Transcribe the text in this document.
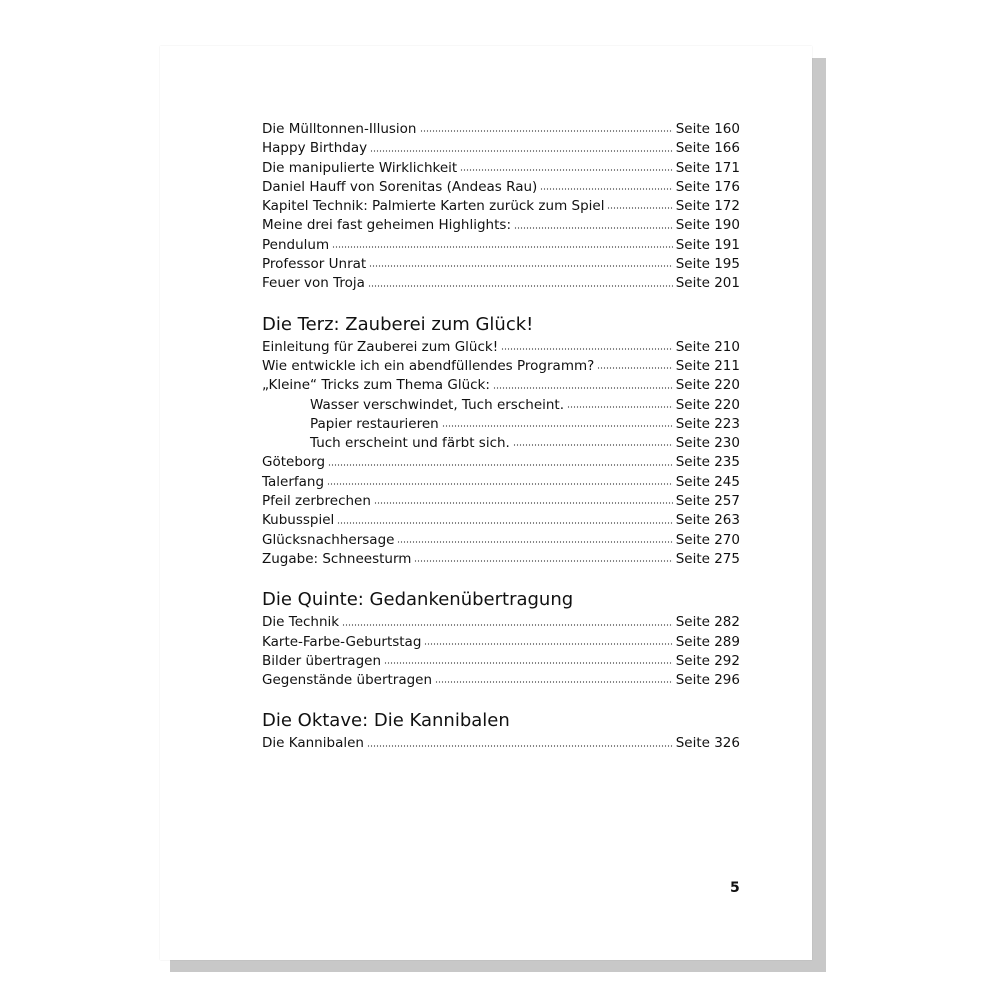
Die Mülltonnen-Illusion	Seite 160
Happy Birthday	Seite 166
Die manipulierte Wirklichkeit	Seite 171
Daniel Hauff von Sorenitas (Andeas Rau)	Seite 176
Kapitel Technik: Palmierte Karten zurück zum Spiel	Seite 172
Meine drei fast geheimen Highlights:	Seite 190
Pendulum	Seite 191
Professor Unrat	Seite 195
Feuer von Troja	Seite 201
Die Terz: Zauberei zum Glück!
Einleitung für Zauberei zum Glück!	Seite 210
Wie entwickle ich ein abendfüllendes Programm?	Seite 211
„Kleine“ Tricks zum Thema Glück:	Seite 220
Wasser verschwindet, Tuch erscheint.	Seite 220
Papier restaurieren	Seite 223
Tuch erscheint und färbt sich.	Seite 230
Göteborg	Seite 235
Talerfang	Seite 245
Pfeil zerbrechen	Seite 257
Kubusspiel	Seite 263
Glücksnachhersage	Seite 270
Zugabe: Schneesturm	Seite 275
Die Quinte: Gedankenübertragung
Die Technik	Seite 282
Karte-Farbe-Geburtstag	Seite 289
Bilder übertragen	Seite 292
Gegenstände übertragen	Seite 296
Die Oktave: Die Kannibalen
Die Kannibalen	Seite 326
5
